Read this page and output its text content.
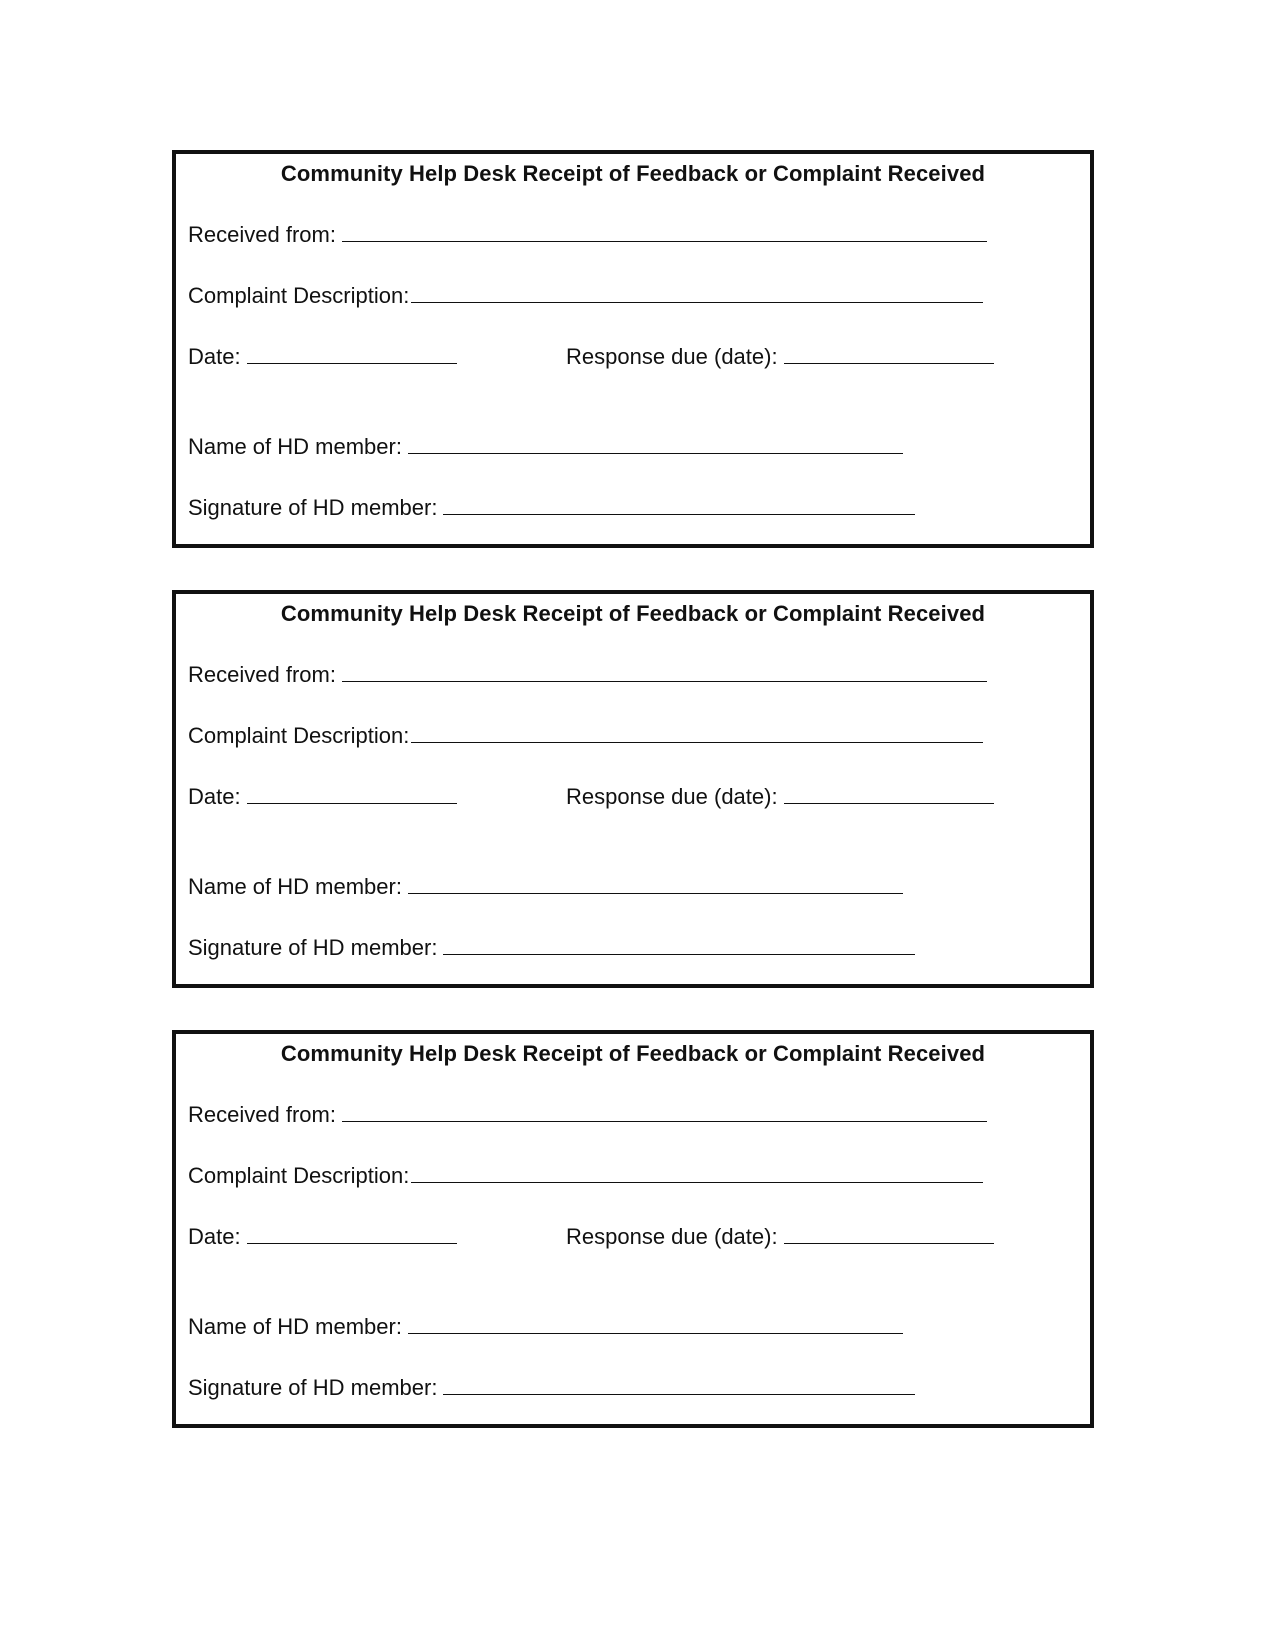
Community Help Desk Receipt of Feedback or Complaint Received
Received from:
Complaint Description:
Date:	Response due (date):
Name of HD member:
Signature of HD member:
Community Help Desk Receipt of Feedback or Complaint Received
Received from:
Complaint Description:
Date:	Response due (date):
Name of HD member:
Signature of HD member:
Community Help Desk Receipt of Feedback or Complaint Received
Received from:
Complaint Description:
Date:	Response due (date):
Name of HD member:
Signature of HD member:
